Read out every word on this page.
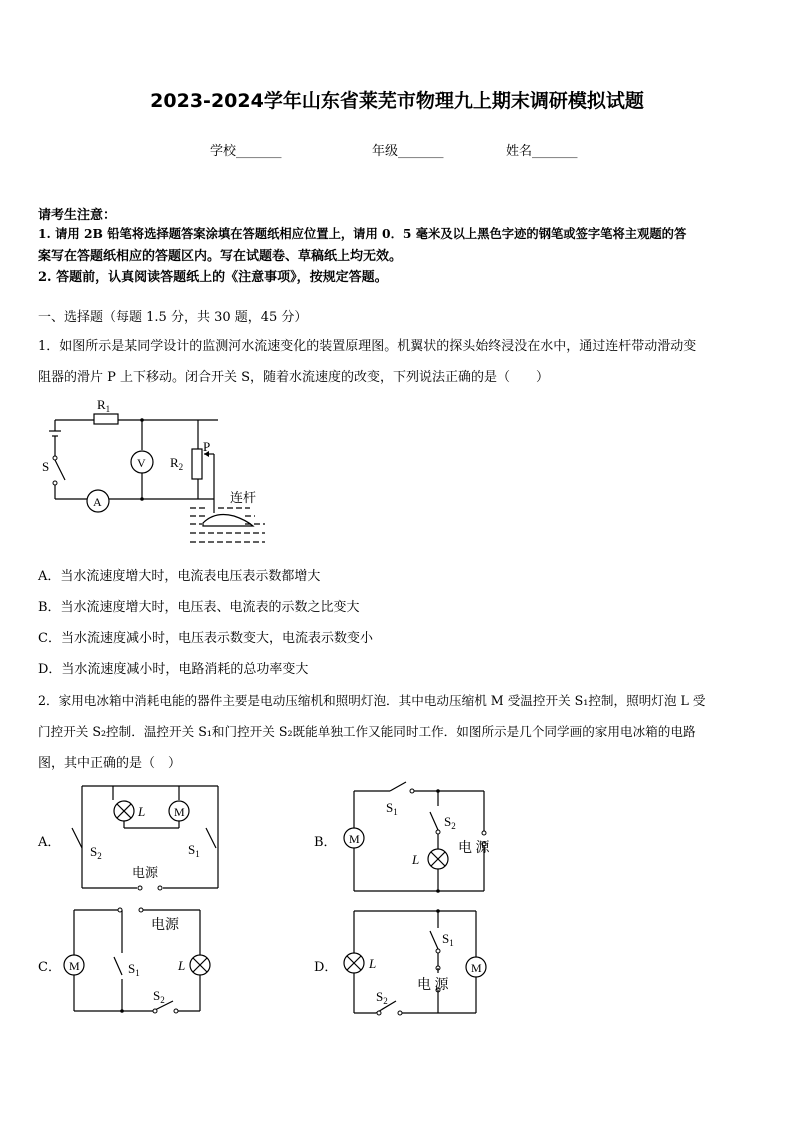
2023-2024学年山东省莱芜市物理九上期末调研模拟试题
学校_______	年级_______	姓名_______
请考生注意：
1. 请用 2B 铅笔将选择题答案涂填在答题纸相应位置上，请用 0．5 毫米及以上黑色字迹的钢笔或签字笔将主观题的答
案写在答题纸相应的答题区内。写在试题卷、草稿纸上均无效。
2. 答题前，认真阅读答题纸上的《注意事项》，按规定答题。
一、选择题（每题 1.5 分，共 30 题，45 分）
1．如图所示是某同学设计的监测河水流速变化的装置原理图。机翼状的探头始终浸没在水中，通过连杆带动滑动变
阻器的滑片 P 上下移动。闭合开关 S，随着水流速度的改变，下列说法正确的是（　　）
$R_1$
$R_2$
P
S	V
A	连杆
A．当水流速度增大时，电流表电压表示数都增大
B．当水流速度增大时，电压表、电流表的示数之比变大
C．当水流速度减小时，电压表示数变大，电流表示数变小
D．当水流速度减小时，电路消耗的总功率变大
2．家用电冰箱中消耗电能的器件主要是电动压缩机和照明灯泡．其中电动压缩机 M 受温控开关 S₁控制，照明灯泡 L 受
门控开关 S₂控制．温控开关 S₁和门控开关 S₂既能单独工作又能同时工作．如图所示是几个同学画的家用电冰箱的电路
图，其中正确的是（　）
A．	B．
C．	D．
L M
$S_2$	$S_1$
电源
M
$S_1$
$S_2$
L
电 源
M
电源
$S_1$	L
$S_2$
L	M
$S_1$
电 源
$S_2$
